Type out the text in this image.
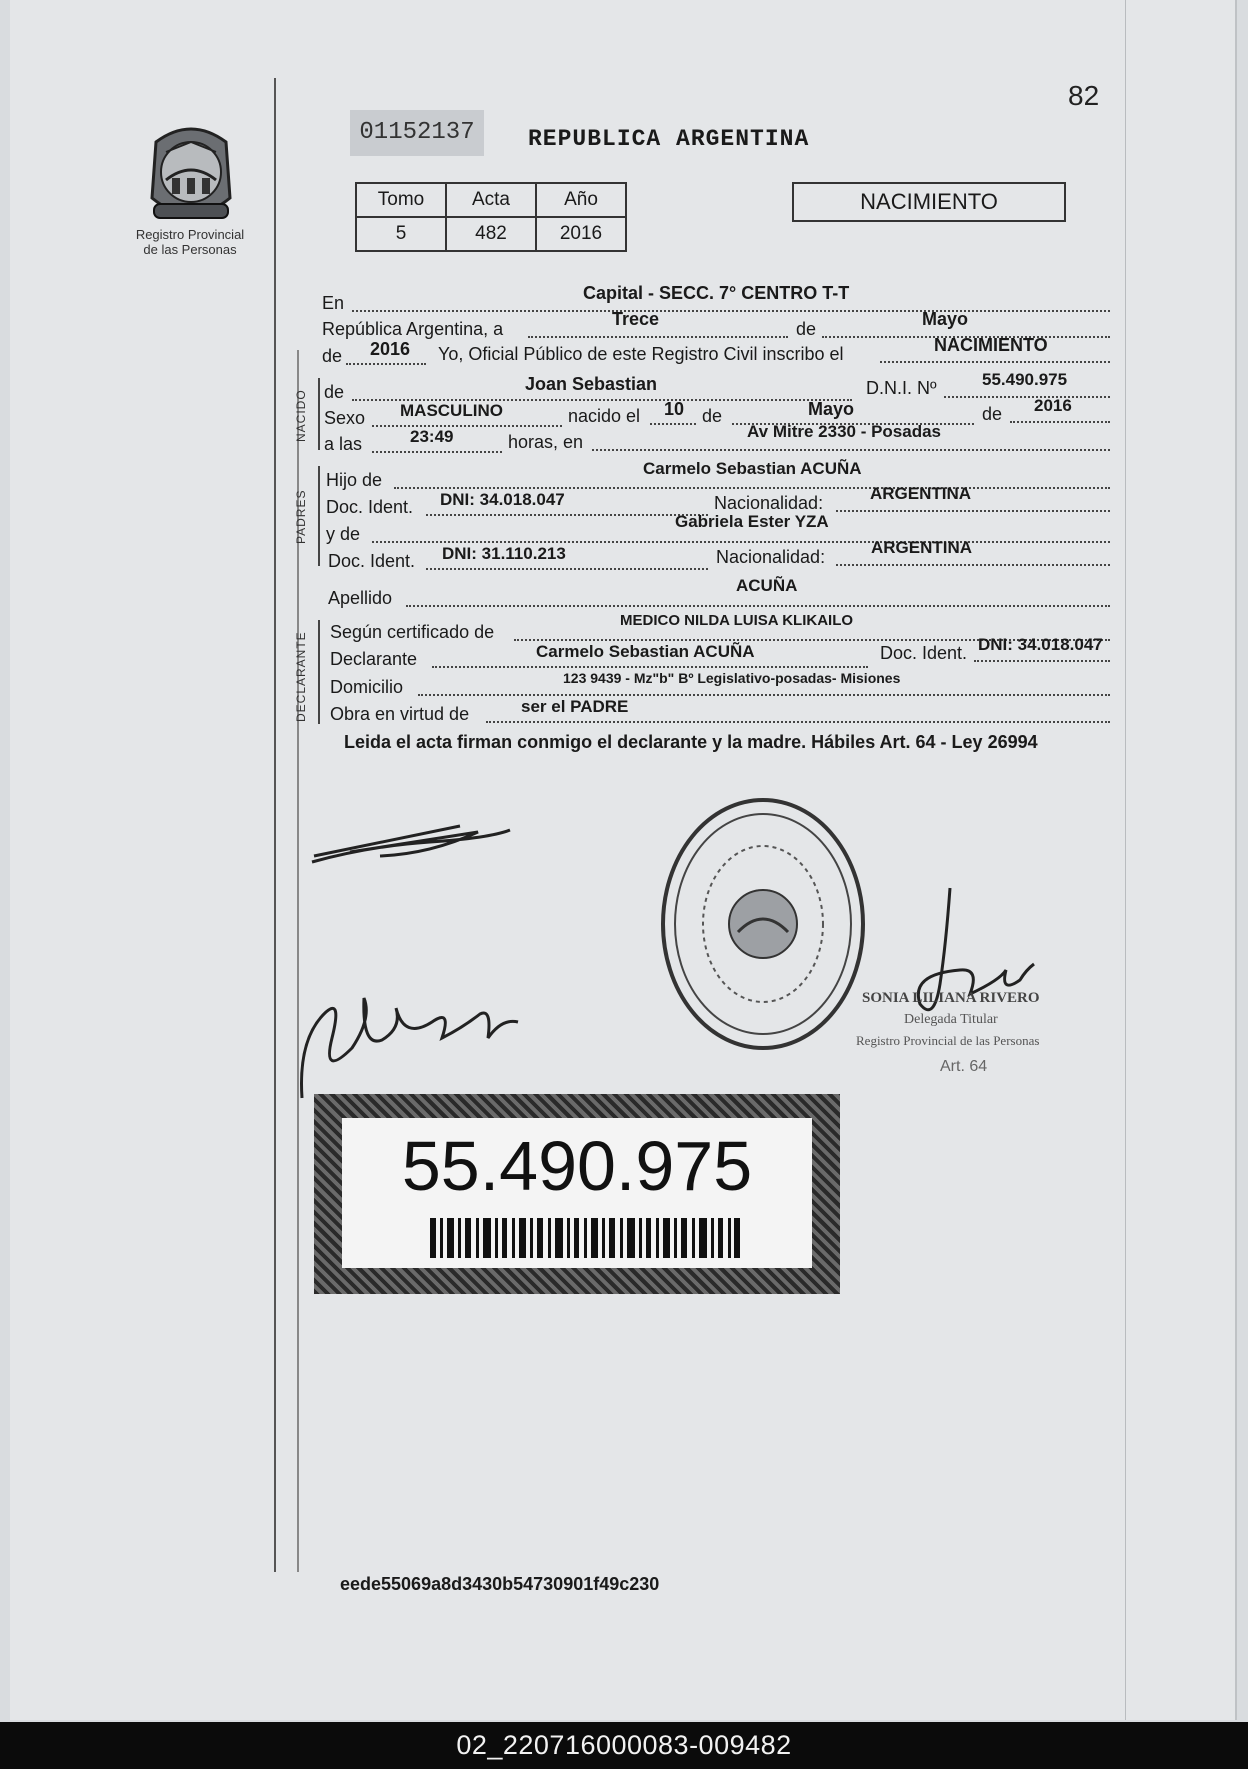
82
Registro Provincial
de las Personas
01152137	REPUBLICA ARGENTINA
Tomo	Acta	Año
5	482	2016
NACIMIENTO
En	Capital - SECC. 7° CENTRO T-T
República Argentina, a	Trece	de	Mayo
de 2016 Yo, Oficial Público de este Registro Civil inscribo el	NACIMIENTO
NACIDO de	Joan Sebastian	D.N.I. Nº	55.490.975
Sexo MASCULINO	nacido el 10 de	Mayo	de 2016
a las	23:49	horas, en
Av Mitre 2330 - Posadas
PADRES
Hijo de
Carmelo Sebastian ACUÑA
Doc. Ident. DNI: 34.018.047	Nacionalidad:	ARGENTINA
y de
Gabriela Ester YZA
Doc. Ident. DNI: 31.110.213	Nacionalidad:	ARGENTINA
Apellido
ACUÑA
DECLARANTE Según certificado de
MEDICO NILDA LUISA KLIKAILO
Declarante	Carmelo Sebastian ACUÑA	Doc. Ident. DNI: 34.018.047
Domicilio	123 9439 - Mz"b" Bº Legislativo-posadas- Misiones
Obra en virtud de	ser el PADRE
Leida el acta firman conmigo el declarante y la madre. Hábiles Art. 64 - Ley 26994
SONIA LILIANA RIVERO
Delegada Titular
Registro Provincial de las Personas
Art. 64
55.490.975
eede55069a8d3430b54730901f49c230
02_220716000083-009482
